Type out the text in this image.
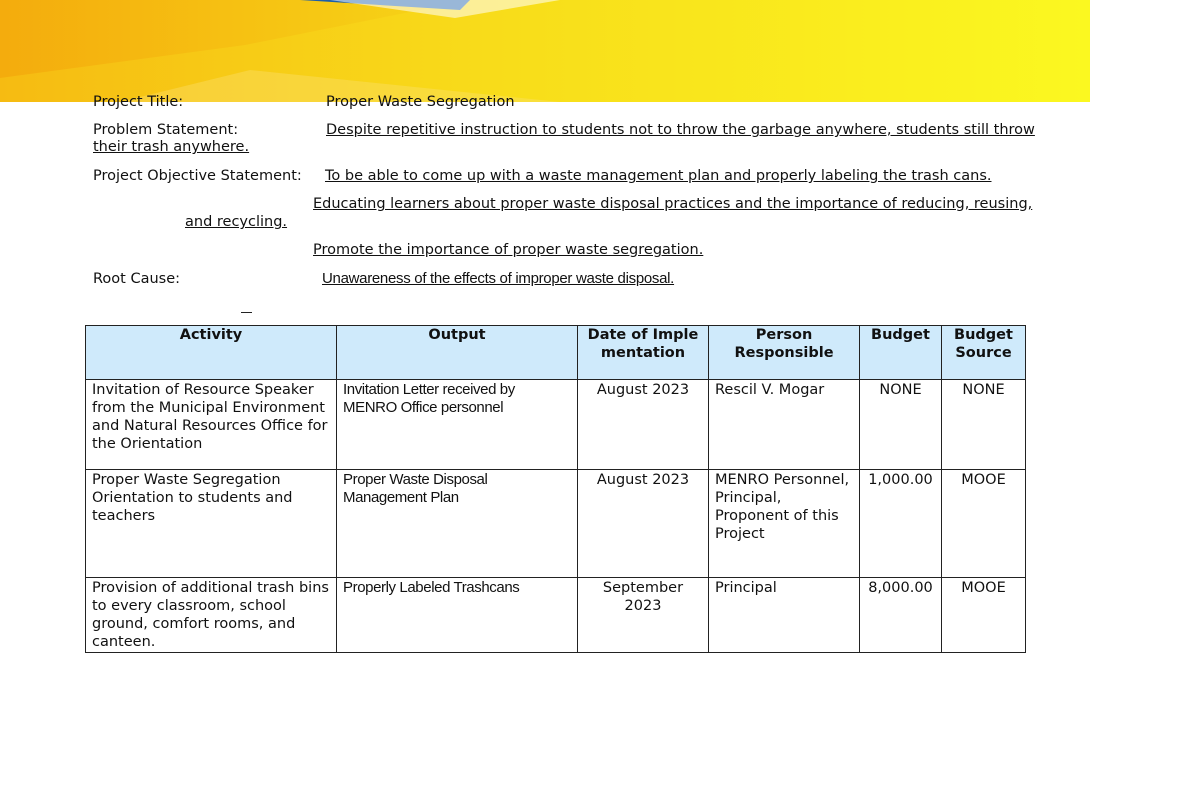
Project Title:	Proper Waste Segregation
Problem Statement:	Despite repetitive instruction to students not to throw the garbage anywhere, students still throw
their trash anywhere.
Project Objective Statement: To be able to come up with a waste management plan and properly labeling the trash cans.
Educating learners about proper waste disposal practices and the importance of reducing, reusing,
and recycling.
Promote the importance of proper waste segregation.
Root Cause:	Unawareness of the effects of improper waste disposal.
Activity	Output	Date of Implementation	Person Responsible	Budget	Budget Source
Invitation of Resource Speaker from the Municipal Environment and Natural Resources Office for the Orientation	Invitation Letter received by MENRO Office personnel	August 2023	Rescil V. Mogar	NONE	NONE
Proper Waste Segregation Orientation to students and teachers	Proper Waste Disposal Management Plan	August 2023	MENRO Personnel, Principal, Proponent of this Project	1,000.00	MOOE
Provision of additional trash bins to every classroom, school ground, comfort rooms, and canteen.	Properly Labeled Trashcans	September 2023	Principal	8,000.00	MOOE
